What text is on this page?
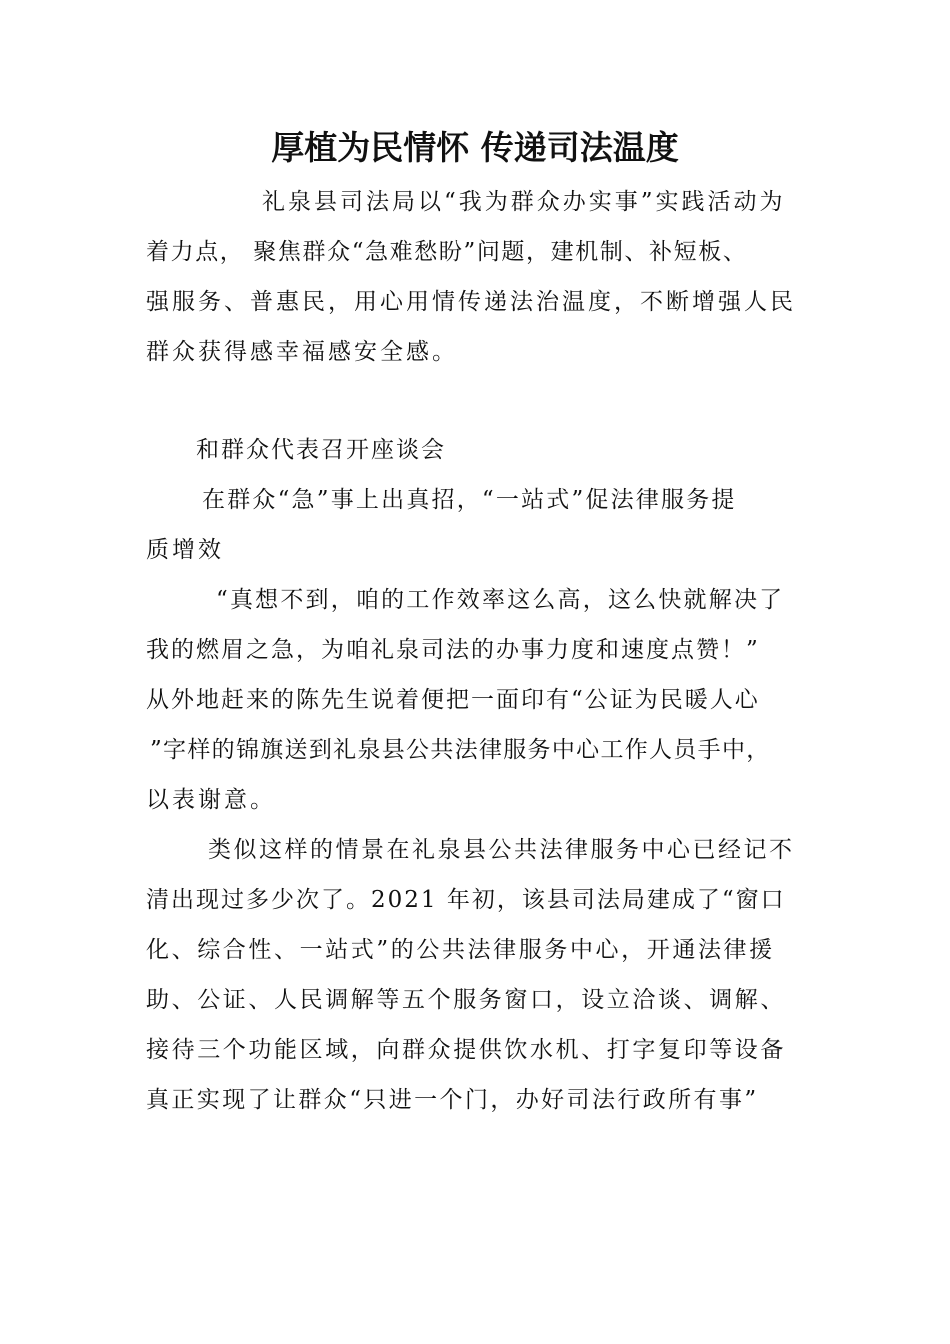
厚植为民情怀 传递司法温度
礼泉县司法局以“我为群众办实事”实践活动为
着力点， 聚焦群众“急难愁盼”问题，建机制、补短板、
强服务、普惠民，用心用情传递法治温度，不断增强人民
群众获得感幸福感安全感。
和群众代表召开座谈会
在群众“急”事上出真招，“一站式”促法律服务提
质增效
“真想不到，咱的工作效率这么高，这么快就解决了
我的燃眉之急，为咱礼泉司法的办事力度和速度点赞！”
从外地赶来的陈先生说着便把一面印有“公证为民暖人心
”字样的锦旗送到礼泉县公共法律服务中心工作人员手中，
以表谢意。
类似这样的情景在礼泉县公共法律服务中心已经记不
清出现过多少次了。2021 年初，该县司法局建成了“窗口
化、综合性、一站式”的公共法律服务中心，开通法律援
助、公证、人民调解等五个服务窗口，设立洽谈、调解、
接待三个功能区域，向群众提供饮水机、打字复印等设备
真正实现了让群众“只进一个门，办好司法行政所有事”
